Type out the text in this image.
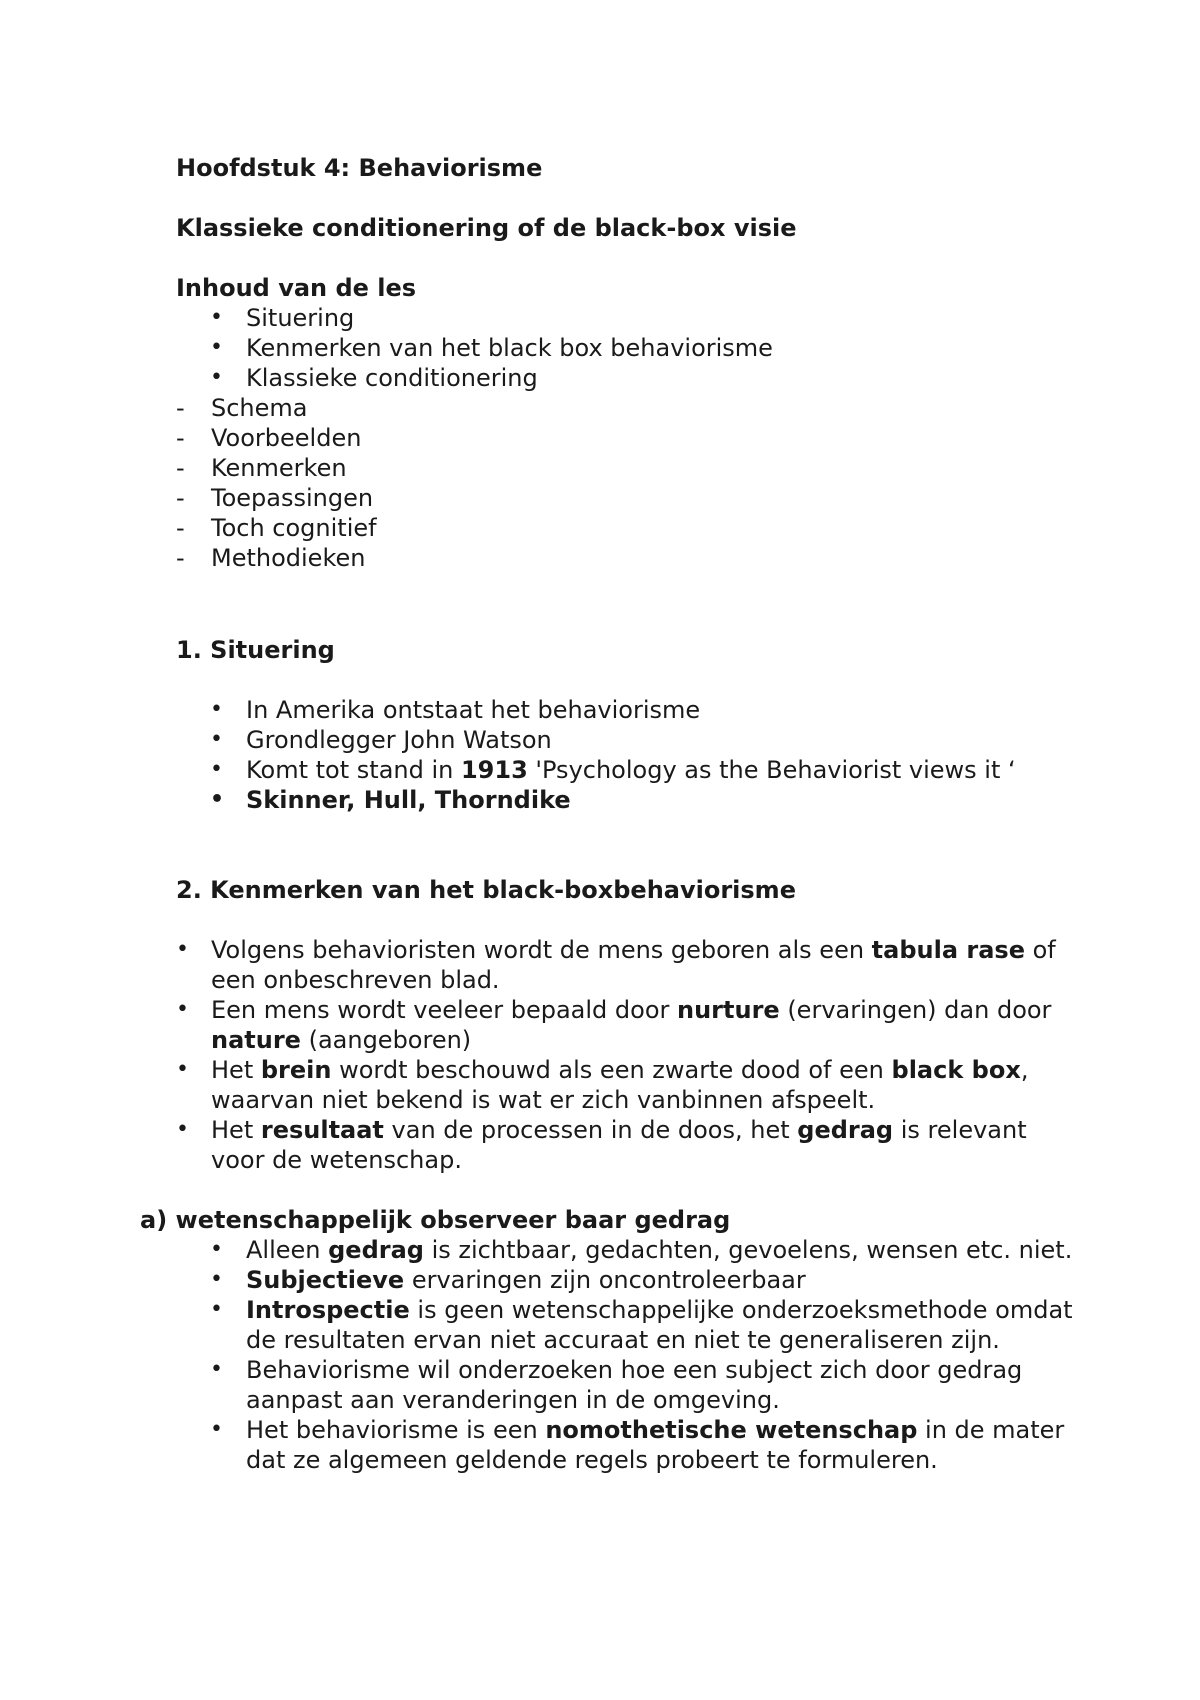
Hoofdstuk 4: Behaviorisme
Klassieke conditionering of de black-box visie
Inhoud van de les
• Situering
• Kenmerken van het black box behaviorisme
• Klassieke conditionering
- Schema
- Voorbeelden
- Kenmerken
- Toepassingen
- Toch cognitief
- Methodieken
1. Situering
• In Amerika ontstaat het behaviorisme
• Grondlegger John Watson
• Komt tot stand in 1913 'Psychology as the Behaviorist views it ‘
• Skinner, Hull, Thorndike
2. Kenmerken van het black-boxbehaviorisme
• Volgens behavioristen wordt de mens geboren als een tabula rase of
een onbeschreven blad.
• Een mens wordt veeleer bepaald door nurture (ervaringen) dan door
nature (aangeboren)
• Het brein wordt beschouwd als een zwarte dood of een black box,
waarvan niet bekend is wat er zich vanbinnen afspeelt.
• Het resultaat van de processen in de doos, het gedrag is relevant
voor de wetenschap.
a) wetenschappelijk observeer baar gedrag
• Alleen gedrag is zichtbaar, gedachten, gevoelens, wensen etc. niet.
• Subjectieve ervaringen zijn oncontroleerbaar
• Introspectie is geen wetenschappelijke onderzoeksmethode omdat
de resultaten ervan niet accuraat en niet te generaliseren zijn.
• Behaviorisme wil onderzoeken hoe een subject zich door gedrag
aanpast aan veranderingen in de omgeving.
• Het behaviorisme is een nomothetische wetenschap in de mater
dat ze algemeen geldende regels probeert te formuleren.
